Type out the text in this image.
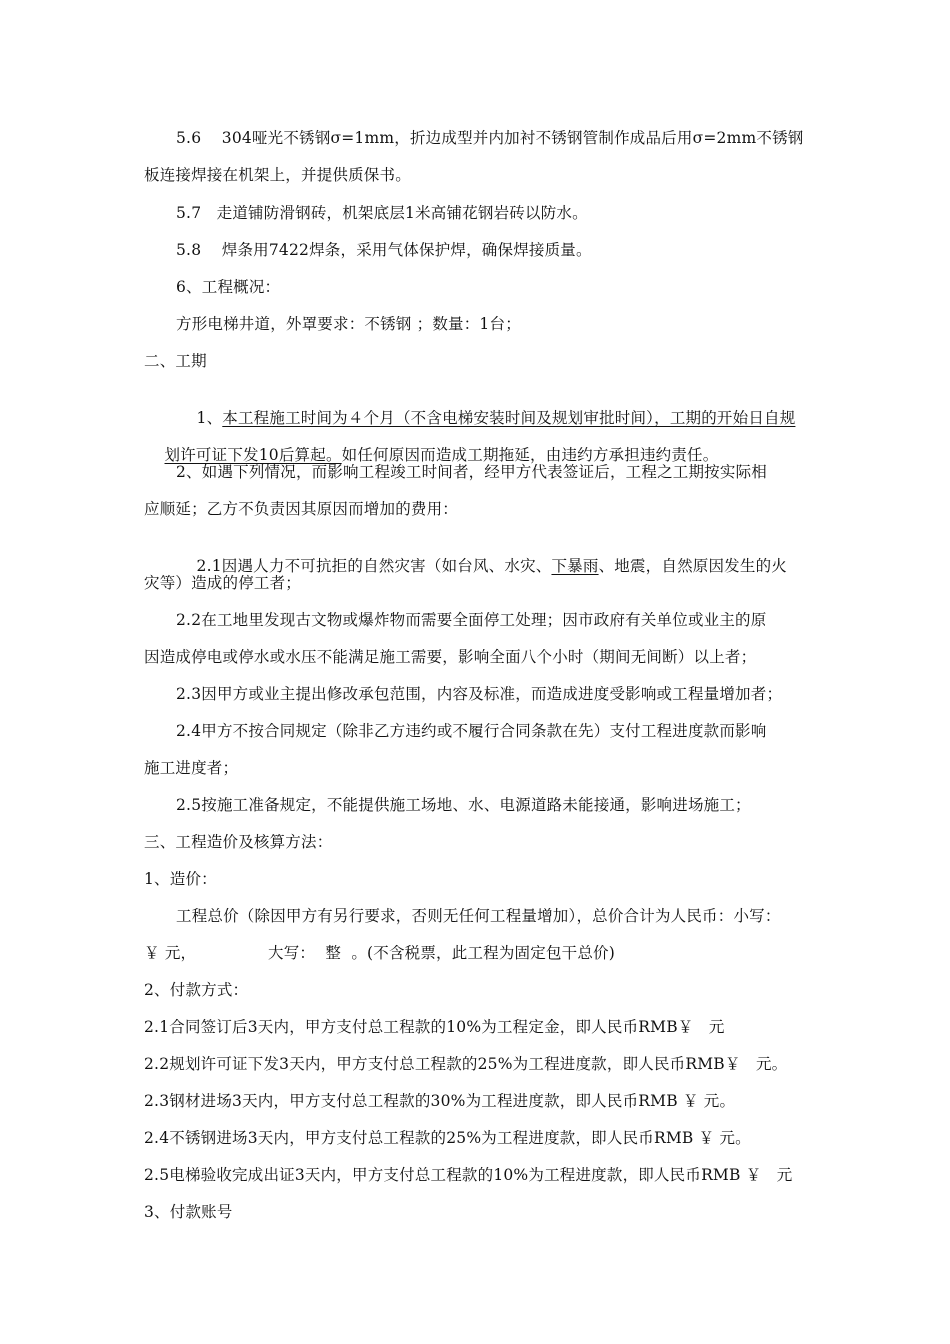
5.6    304哑光不锈钢σ=1mm，折边成型并内加衬不锈钢管制作成品后用σ=2mm不锈钢
板连接焊接在机架上，并提供质保书。
5.7   走道铺防滑钢砖，机架底层1米高铺花钢岩砖以防水。
5.8    焊条用7422焊条，采用气体保护焊，确保焊接质量。
6、工程概况：
方形电梯井道，外罩要求：不锈钢 ；数量：1台；
二、工期

1、本工程施工时间为４个月（不含电梯安装时间及规划审批时间），工期的开始日自规

划许可证下发10后算起。如任何原因而造成工期拖延，由违约方承担违约责任。

2、如遇下列情况，而影响工程竣工时间者，经甲方代表签证后，工程之工期按实际相
应顺延；乙方不负责因其原因而增加的费用：

2.1因遇人力不可抗拒的自然灾害（如台风、水灾、下暴雨、地震，自然原因发生的火

灾等）造成的停工者；
2.2在工地里发现古文物或爆炸物而需要全面停工处理；因市政府有关单位或业主的原
因造成停电或停水或水压不能满足施工需要，影响全面八个小时（期间无间断）以上者；
2.3因甲方或业主提出修改承包范围，内容及标准，而造成进度受影响或工程量增加者；
2.4甲方不按合同规定（除非乙方违约或不履行合同条款在先）支付工程进度款而影响
施工进度者；
2.5按施工准备规定，不能提供施工场地、水、电源道路未能接通，影响进场施工；
三、工程造价及核算方法：
1、造价：
工程总价（除因甲方有另行要求，否则无任何工程量增加），总价合计为人民币：小写：
￥ 元，              大写：  整  。(不含税票，此工程为固定包干总价)
2、付款方式：
2.1合同签订后3天内，甲方支付总工程款的10%为工程定金，即人民币RMB￥   元
2.2规划许可证下发3天内，甲方支付总工程款的25%为工程进度款，即人民币RMB￥   元。
2.3钢材进场3天内，甲方支付总工程款的30%为工程进度款，即人民币RMB ￥ 元。
2.4不锈钢进场3天内，甲方支付总工程款的25%为工程进度款，即人民币RMB ￥ 元。
2.5电梯验收完成出证3天内，甲方支付总工程款的10%为工程进度款，即人民币RMB ￥   元
3、付款账号
